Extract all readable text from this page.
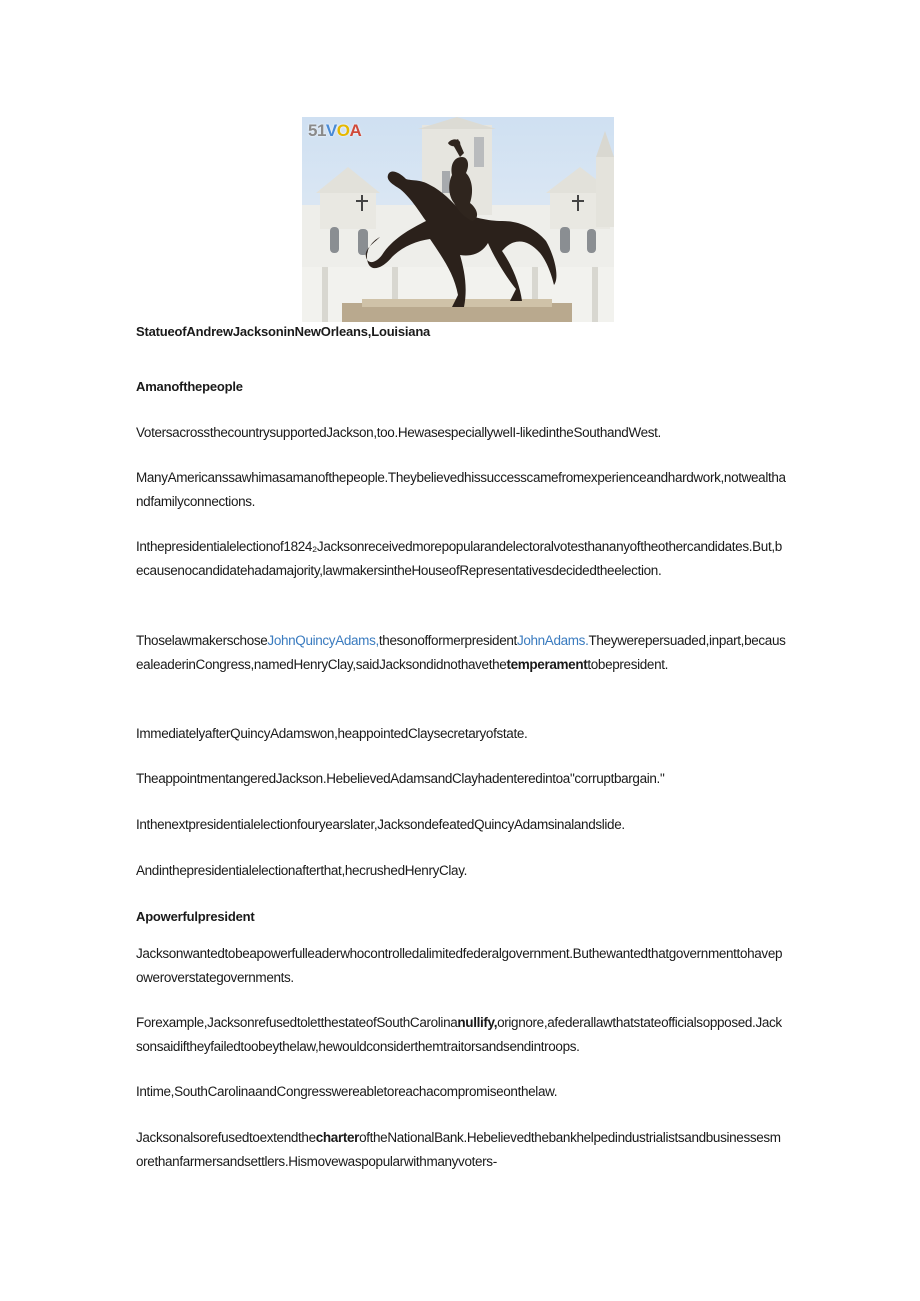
51VOA
StatueofAndrewJacksoninNewOrleans,Louisiana
Amanofthepeople
VotersacrossthecountrysupportedJackson,too.HewasespeciallywelI-likedintheSouthandWest.
ManyAmericanssawhimasamanofthepeople.Theybelievedhissuccesscamefromexperienceandhardwork,notwealthandfamilyconnections.
Inthepresidentialelectionof1824₂Jacksonreceivedmorepopularandelectoralvotesthananyoftheothercandidates.But,becausenocandidatehadamajority,lawmakersintheHouseofRepresentativesdecidedtheelection.
ThoselawmakerschoseJohnQuincyAdams,thesonofformerpresidentJohnAdams.Theywerepersuaded,inpart,becausealeaderinCongress,namedHenryClay,saidJacksondidnothavethetemperamenttobepresident.
ImmediatelyafterQuincyAdamswon,heappointedClaysecretaryofstate.
TheappointmentangeredJackson.HebelievedAdamsandClayhadenteredintoa"corruptbargain."
Inthenextpresidentialelectionfouryearslater,JacksondefeatedQuincyAdamsinalandslide.
Andinthepresidentialelectionafterthat,hecrushedHenryClay.
Apowerfulpresident
Jacksonwantedtobeapowerfulleaderwhocontrolledalimitedfederalgovernment.Buthewantedthatgovernmenttohavepoweroverstategovernments.
Forexample,JacksonrefusedtoletthestateofSouthCarolinanullify,orignore,afederallawthatstateofficialsopposed.Jacksonsaidiftheyfailedtoobeythelaw,hewouldconsiderthemtraitorsandsendintroops.
Intime,SouthCarolinaandCongresswereabletoreachacompromiseonthelaw.
JacksonalsorefusedtoextendthecharteroftheNationalBank.Hebelievedthebankhelpedindustrialistsandbusinessesmorethanfarmersandsettlers.Hismovewaspopularwithmanyvoters-
